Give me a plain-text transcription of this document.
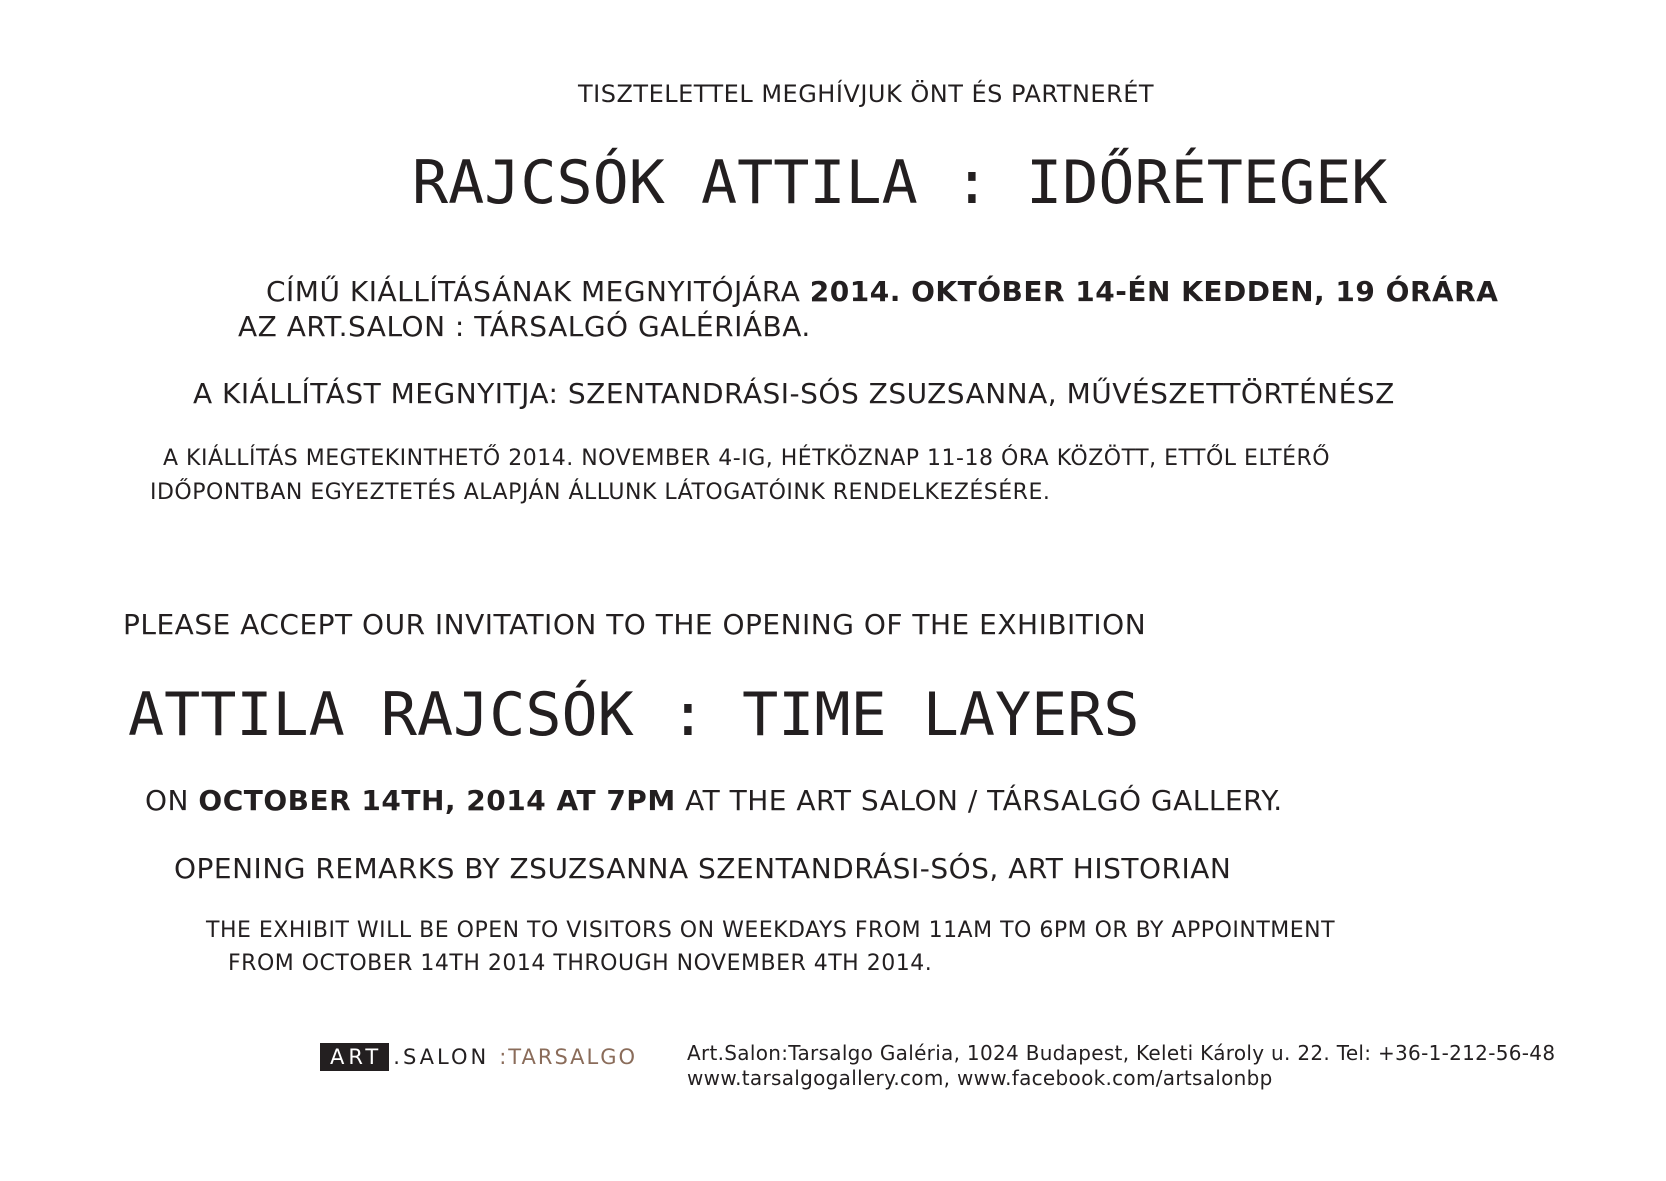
TISZTELETTEL MEGHÍVJUK ÖNT ÉS PARTNERÉT
RAJCSÓK ATTILA : IDŐRÉTEGEK
CÍMŰ KIÁLLÍTÁSÁNAK MEGNYITÓJÁRA 2014. OKTÓBER 14-ÉN KEDDEN, 19 ÓRÁRA
AZ ART.SALON : TÁRSALGÓ GALÉRIÁBA.
A KIÁLLÍTÁST MEGNYITJA: SZENTANDRÁSI-SÓS ZSUZSANNA, MŰVÉSZETTÖRTÉNÉSZ
A KIÁLLÍTÁS MEGTEKINTHETŐ 2014. NOVEMBER 4-IG, HÉTKÖZNAP 11-18 ÓRA KÖZÖTT, ETTŐL ELTÉRŐ
IDŐPONTBAN EGYEZTETÉS ALAPJÁN ÁLLUNK LÁTOGATÓINK RENDELKEZÉSÉRE.
PLEASE ACCEPT OUR INVITATION TO THE OPENING OF THE EXHIBITION
ATTILA RAJCSÓK : TIME LAYERS
ON OCTOBER 14TH, 2014 AT 7PM AT THE ART SALON / TÁRSALGÓ GALLERY.
OPENING REMARKS BY ZSUZSANNA SZENTANDRÁSI-SÓS, ART HISTORIAN
THE EXHIBIT WILL BE OPEN TO VISITORS ON WEEKDAYS FROM 11AM TO 6PM OR BY APPOINTMENT
FROM OCTOBER 14TH 2014 THROUGH NOVEMBER 4TH 2014.
ART .SALON :TARSALGO Art.Salon:Tarsalgo Galéria, 1024 Budapest, Keleti Károly u. 22. Tel: +36-1-212-56-48
www.tarsalgogallery.com, www.facebook.com/artsalonbp
